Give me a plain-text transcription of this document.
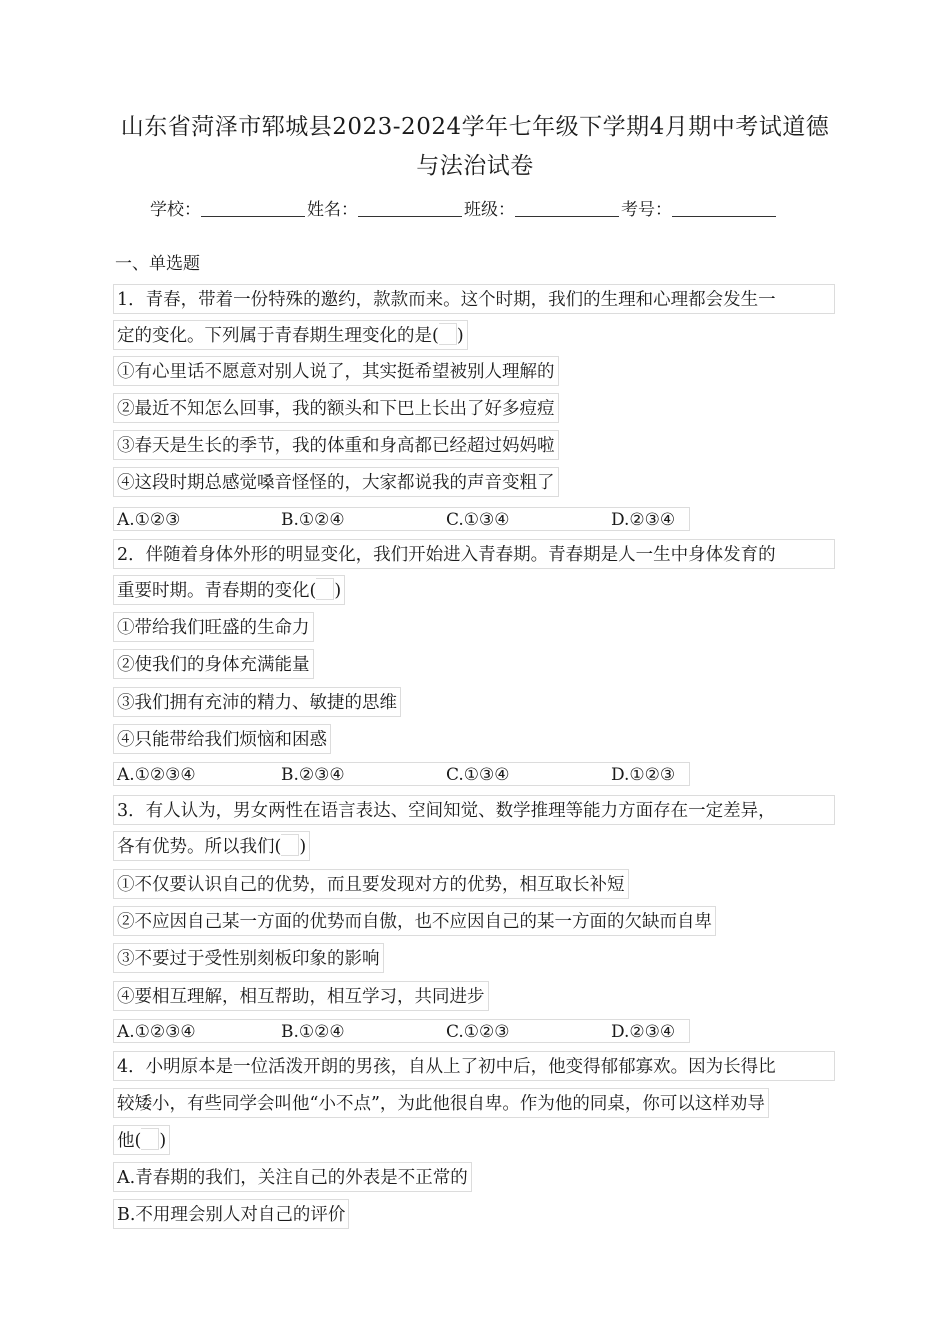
山东省菏泽市郓城县2023-2024学年七年级下学期4月期中考试道德
与法治试卷
学校：	姓名：	班级：	考号：
一、单选题
1．青春，带着一份特殊的邀约，款款而来。这个时期，我们的生理和心理都会发生一
定的变化。下列属于青春期生理变化的是( )
①有心里话不愿意对别人说了，其实挺希望被别人理解的
②最近不知怎么回事，我的额头和下巴上长出了好多痘痘
③春天是生长的季节，我的体重和身高都已经超过妈妈啦
④这段时期总感觉嗓音怪怪的，大家都说我的声音变粗了
A.①②③	B.①②④	C.①③④	D.②③④
2．伴随着身体外形的明显变化，我们开始进入青春期。青春期是人一生中身体发育的
重要时期。青春期的变化( )
①带给我们旺盛的生命力
②使我们的身体充满能量
③我们拥有充沛的精力、敏捷的思维
④只能带给我们烦恼和困惑
A.①②③④	B.②③④	C.①③④	D.①②③
3．有人认为，男女两性在语言表达、空间知觉、数学推理等能力方面存在一定差异，
各有优势。所以我们( )
①不仅要认识自己的优势，而且要发现对方的优势，相互取长补短
②不应因自己某一方面的优势而自傲，也不应因自己的某一方面的欠缺而自卑
③不要过于受性别刻板印象的影响
④要相互理解，相互帮助，相互学习，共同进步
A.①②③④	B.①②④	C.①②③	D.②③④
4．小明原本是一位活泼开朗的男孩，自从上了初中后，他变得郁郁寡欢。因为长得比
较矮小，有些同学会叫他“小不点”，为此他很自卑。作为他的同桌，你可以这样劝导
他( )
A.青春期的我们，关注自己的外表是不正常的
B.不用理会别人对自己的评价
